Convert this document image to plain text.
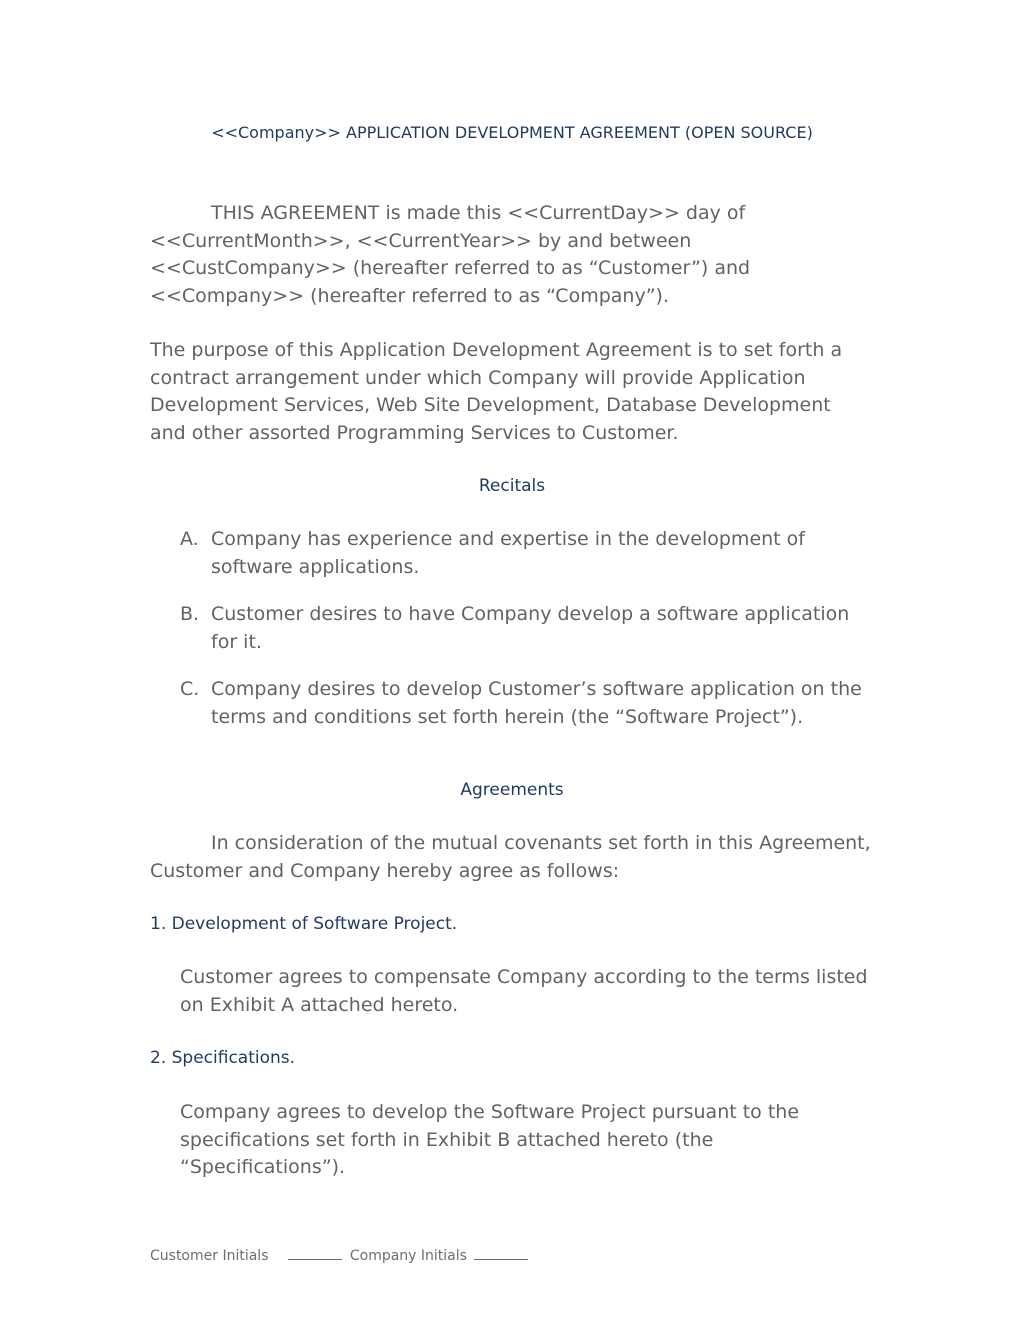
<<Company>> APPLICATION DEVELOPMENT AGREEMENT (OPEN SOURCE)

THIS AGREEMENT is made this <<CurrentDay>> day of <<CurrentMonth>>, <<CurrentYear>> by and between <<CustCompany>> (hereafter referred to as “Customer”) and <<Company>> (hereafter referred to as “Company”).

The purpose of this Application Development Agreement is to set forth a contract arrangement under which Company will provide Application Development Services, Web Site Development, Database Development and other assorted Programming Services to Customer.

Recitals
A. Company has experience and expertise in the development of software applications.
B. Customer desires to have Company develop a software application for it.
C. Company desires to develop Customer’s software application on the terms and conditions set forth herein (the “Software Project”).
Agreements

In consideration of the mutual covenants set forth in this Agreement, Customer and Company hereby agree as follows:

1. Development of Software Project.

Customer agrees to compensate Company according to the terms listed on Exhibit A attached hereto.

2. Specifications.

Company agrees to develop the Software Project pursuant to the specifications set forth in Exhibit B attached hereto (the “Specifications”).

Customer Initials	Company Initials
